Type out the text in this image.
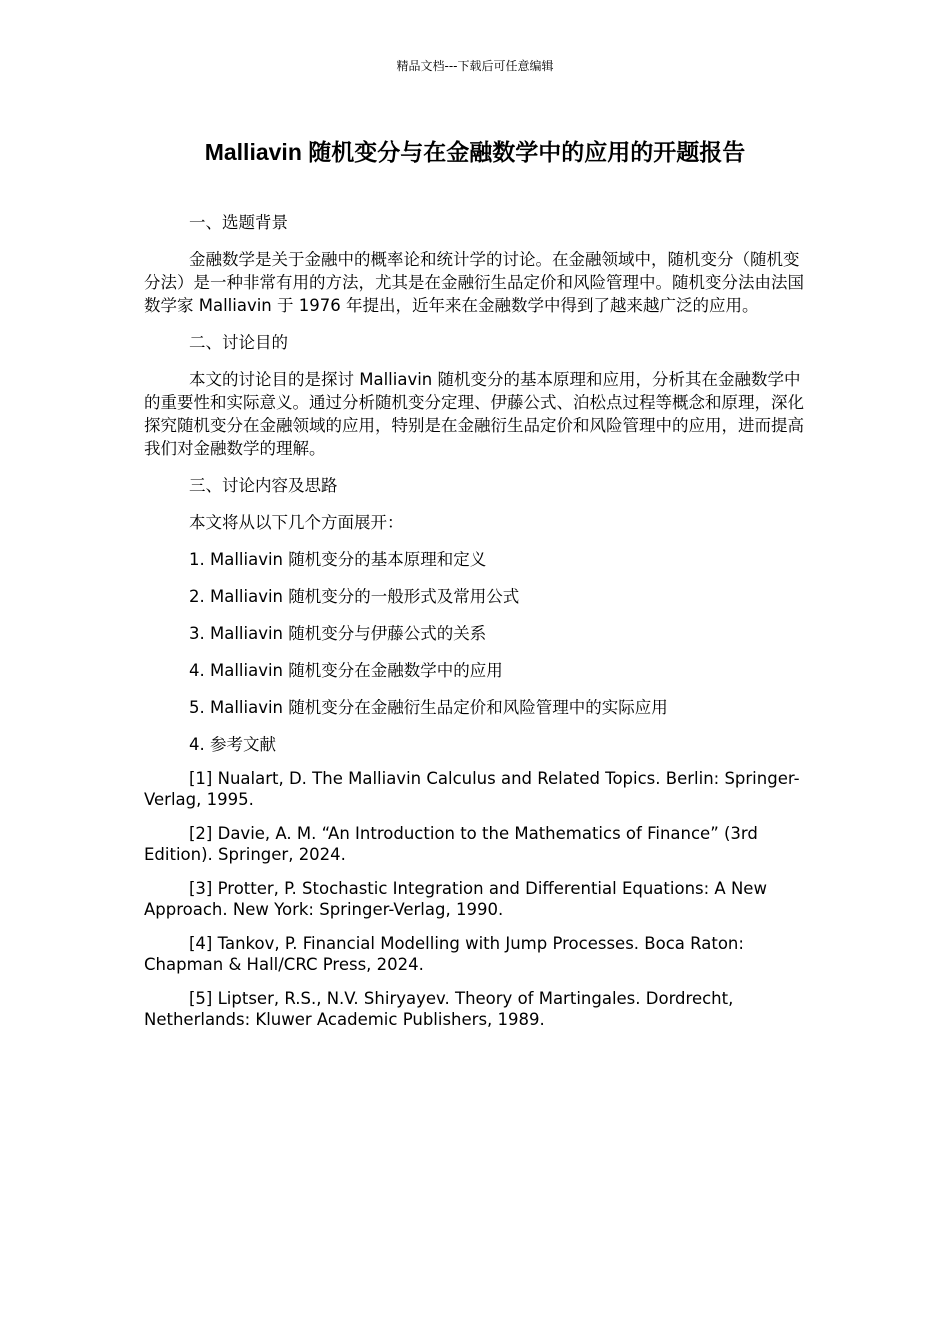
精品文档---下载后可任意编辑
Malliavin 随机变分与在金融数学中的应用的开题报告

一、选题背景

金融数学是关于金融中的概率论和统计学的讨论。在金融领域中，随机变分（随机变分法）是一种非常有用的方法，尤其是在金融衍生品定价和风险管理中。随机变分法由法国数学家 Malliavin 于 1976 年提出，近年来在金融数学中得到了越来越广泛的应用。

二、讨论目的

本文的讨论目的是探讨 Malliavin 随机变分的基本原理和应用，分析其在金融数学中的重要性和实际意义。通过分析随机变分定理、伊藤公式、泊松点过程等概念和原理，深化探究随机变分在金融领域的应用，特别是在金融衍生品定价和风险管理中的应用，进而提高我们对金融数学的理解。

三、讨论内容及思路

本文将从以下几个方面展开：

1. Malliavin 随机变分的基本原理和定义

2. Malliavin 随机变分的一般形式及常用公式

3. Malliavin 随机变分与伊藤公式的关系

4. Malliavin 随机变分在金融数学中的应用

5. Malliavin 随机变分在金融衍生品定价和风险管理中的实际应用

4. 参考文献

[1] Nualart, D. The Malliavin Calculus and Related Topics. Berlin: Springer-Verlag, 1995.

[2] Davie, A. M. “An Introduction to the Mathematics of Finance” (3rd Edition). Springer, 2024.

[3] Protter, P. Stochastic Integration and Differential Equations: A New Approach. New York: Springer-Verlag, 1990.

[4] Tankov, P. Financial Modelling with Jump Processes. Boca Raton: Chapman & Hall/CRC Press, 2024.

[5] Liptser, R.S., N.V. Shiryayev. Theory of Martingales. Dordrecht, Netherlands: Kluwer Academic Publishers, 1989.
